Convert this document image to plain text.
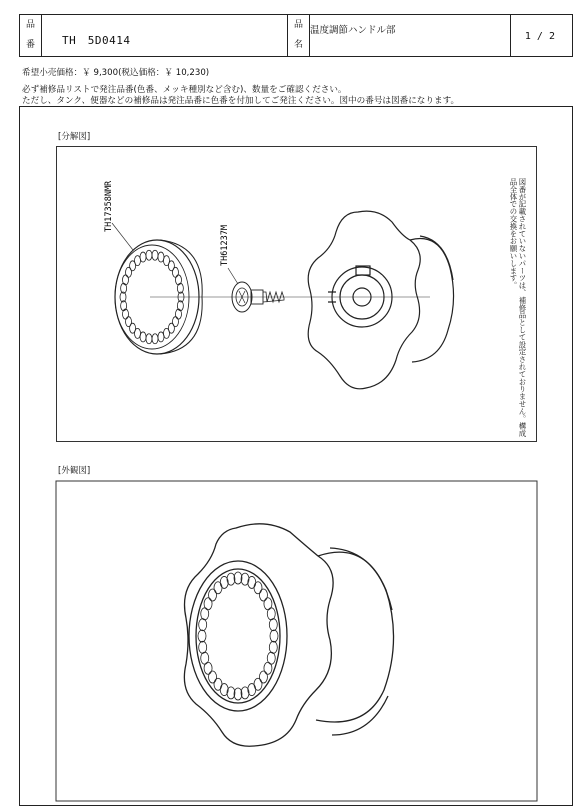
品
番	TH　5D0414
品
名
温度調節ハンドル部
1 / 2
希望小売価格：￥ 9,300(税込価格：￥ 10,230)
必ず補修品リストで発注品番(色番、メッキ種別など含む)、数量をご確認ください。
ただし、タンク、便器などの補修品は発注品番に色番を付加してご発注ください。図中の番号は図番になります。
[分解図]
TH17358NMR
TH61237M
[外観図]
図番が記載されていないパーツは、補修品として設定されておりません。構成品全体での交換をお願いします。
